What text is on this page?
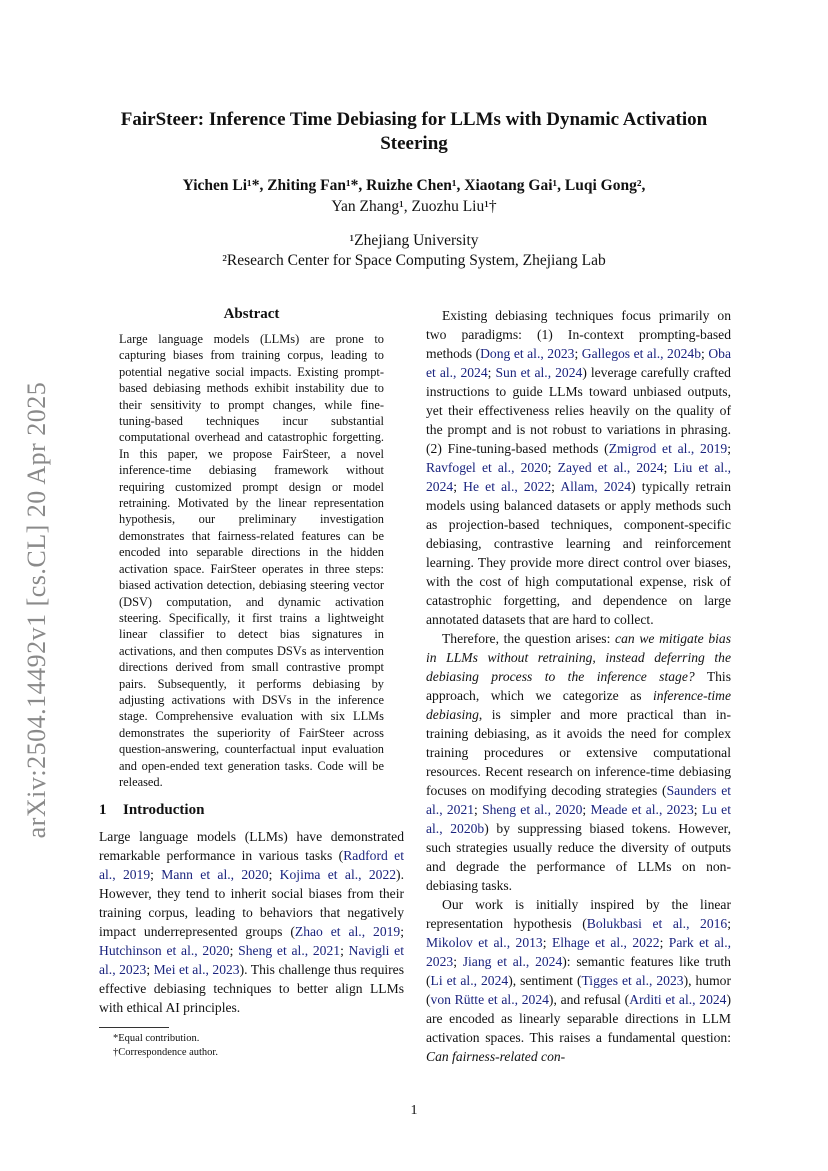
arXiv:2504.14492v1 [cs.CL] 20 Apr 2025
FairSteer: Inference Time Debiasing for LLMs with Dynamic Activation Steering
Yichen Li¹*, Zhiting Fan¹*, Ruizhe Chen¹, Xiaotang Gai¹, Luqi Gong²,
Yan Zhang¹, Zuozhu Liu¹†
¹Zhejiang University
²Research Center for Space Computing System, Zhejiang Lab
Abstract

Large language models (LLMs) are prone to capturing biases from training corpus, leading to potential negative social impacts. Existing prompt-based debiasing methods exhibit instability due to their sensitivity to prompt changes, while fine-tuning-based techniques incur substantial computational overhead and catastrophic forgetting. In this paper, we propose FairSteer, a novel inference-time debiasing framework without requiring customized prompt design or model retraining. Motivated by the linear representation hypothesis, our preliminary investigation demonstrates that fairness-related features can be encoded into separable directions in the hidden activation space. FairSteer operates in three steps: biased activation detection, debiasing steering vector (DSV) computation, and dynamic activation steering. Specifically, it first trains a lightweight linear classifier to detect bias signatures in activations, and then computes DSVs as intervention directions derived from small contrastive prompt pairs. Subsequently, it performs debiasing by adjusting activations with DSVs in the inference stage. Comprehensive evaluation with six LLMs demonstrates the superiority of FairSteer across question-answering, counterfactual input evaluation and open-ended text generation tasks. Code will be released.

1 Introduction

Large language models (LLMs) have demonstrated remarkable performance in various tasks (Radford et al., 2019; Mann et al., 2020; Kojima et al., 2022). However, they tend to inherit social biases from their training corpus, leading to behaviors that negatively impact underrepresented groups (Zhao et al., 2019; Hutchinson et al., 2020; Sheng et al., 2021; Navigli et al., 2023; Mei et al., 2023). This challenge thus requires effective debiasing techniques to better align LLMs with ethical AI principles.

*Equal contribution.
†Correspondence author.

Existing debiasing techniques focus primarily on two paradigms: (1) In-context prompting-based methods (Dong et al., 2023; Gallegos et al., 2024b; Oba et al., 2024; Sun et al., 2024) leverage carefully crafted instructions to guide LLMs toward unbiased outputs, yet their effectiveness relies heavily on the quality of the prompt and is not robust to variations in phrasing. (2) Fine-tuning-based methods (Zmigrod et al., 2019; Ravfogel et al., 2020; Zayed et al., 2024; Liu et al., 2024; He et al., 2022; Allam, 2024) typically retrain models using balanced datasets or apply methods such as projection-based techniques, component-specific debiasing, contrastive learning and reinforcement learning. They provide more direct control over biases, with the cost of high computational expense, risk of catastrophic forgetting, and dependence on large annotated datasets that are hard to collect.

Therefore, the question arises: can we mitigate bias in LLMs without retraining, instead deferring the debiasing process to the inference stage? This approach, which we categorize as inference-time debiasing, is simpler and more practical than in-training debiasing, as it avoids the need for complex training procedures or extensive computational resources. Recent research on inference-time debiasing focuses on modifying decoding strategies (Saunders et al., 2021; Sheng et al., 2020; Meade et al., 2023; Lu et al., 2020b) by suppressing biased tokens. However, such strategies usually reduce the diversity of outputs and degrade the performance of LLMs on non-debiasing tasks.

Our work is initially inspired by the linear representation hypothesis (Bolukbasi et al., 2016; Mikolov et al., 2013; Elhage et al., 2022; Park et al., 2023; Jiang et al., 2024): semantic features like truth (Li et al., 2024), sentiment (Tigges et al., 2023), humor (von Rütte et al., 2024), and refusal (Arditi et al., 2024) are encoded as linearly separable directions in LLM activation spaces. This raises a fundamental question: Can fairness-related con-

1
